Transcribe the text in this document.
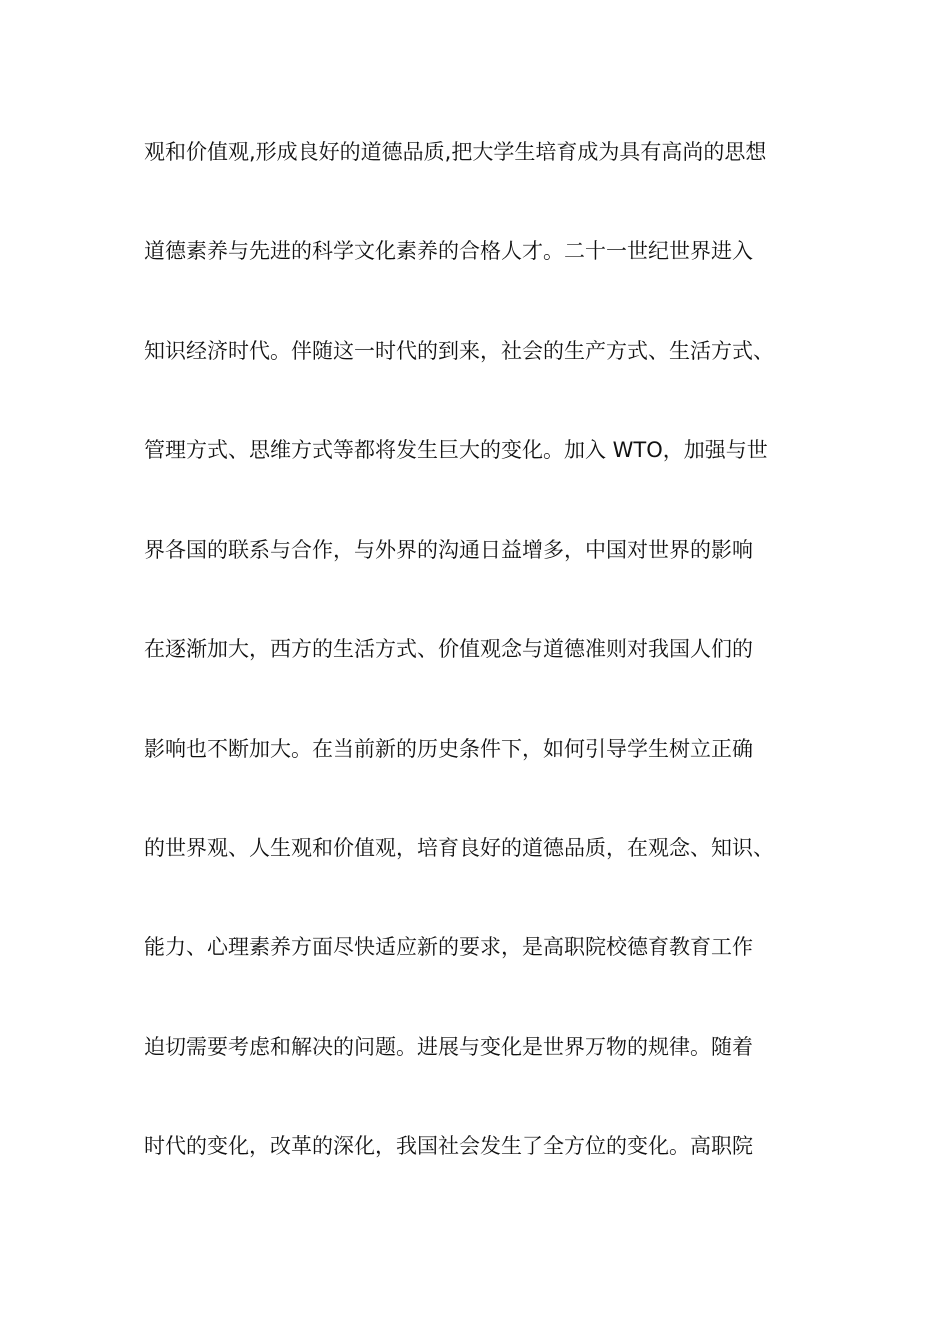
观和价值观,形成良好的道德品质,把大学生培育成为具有高尚的思想
道德素养与先进的科学文化素养的合格人才。二十一世纪世界进入
知识经济时代。伴随这一时代的到来，社会的生产方式、生活方式、
管理方式、思维方式等都将发生巨大的变化。加入 WTO，加强与世
界各国的联系与合作，与外界的沟通日益增多，中国对世界的影响
在逐渐加大，西方的生活方式、价值观念与道德准则对我国人们的
影响也不断加大。在当前新的历史条件下，如何引导学生树立正确
的世界观、人生观和价值观，培育良好的道德品质，在观念、知识、
能力、心理素养方面尽快适应新的要求，是高职院校德育教育工作
迫切需要考虑和解决的问题。进展与变化是世界万物的规律。随着
时代的变化，改革的深化，我国社会发生了全方位的变化。高职院
